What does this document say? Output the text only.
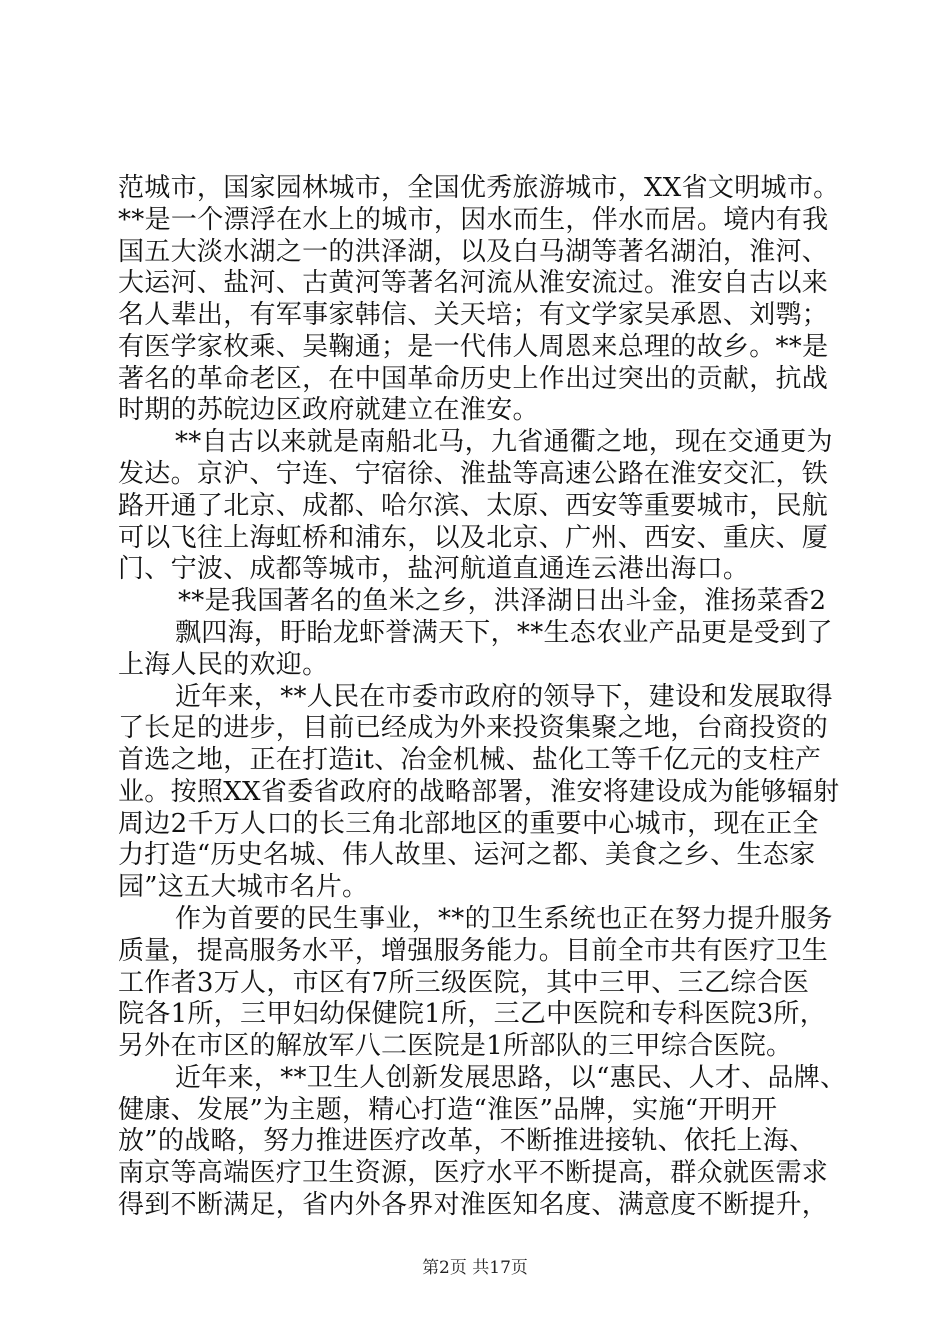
范城市，国家园林城市，全国优秀旅游城市，XX省文明城市。
**是一个漂浮在水上的城市，因水而生，伴水而居。境内有我
国五大淡水湖之一的洪泽湖，以及白马湖等著名湖泊，淮河、
大运河、盐河、古黄河等著名河流从淮安流过。淮安自古以来
名人辈出，有军事家韩信、关天培；有文学家吴承恩、刘鹗；
有医学家枚乘、吴鞠通；是一代伟人周恩来总理的故乡。**是
著名的革命老区，在中国革命历史上作出过突出的贡献，抗战
时期的苏皖边区政府就建立在淮安。
**自古以来就是南船北马，九省通衢之地，现在交通更为
发达。京沪、宁连、宁宿徐、淮盐等高速公路在淮安交汇，铁
路开通了北京、成都、哈尔滨、太原、西安等重要城市，民航
可以飞往上海虹桥和浦东，以及北京、广州、西安、重庆、厦
门、宁波、成都等城市，盐河航道直通连云港出海口。
**是我国著名的鱼米之乡，洪泽湖日出斗金，淮扬菜香2
飘四海，盱眙龙虾誉满天下，**生态农业产品更是受到了
上海人民的欢迎。
近年来，**人民在市委市政府的领导下，建设和发展取得
了长足的进步，目前已经成为外来投资集聚之地，台商投资的
首选之地，正在打造it、冶金机械、盐化工等千亿元的支柱产
业。按照XX省委省政府的战略部署，淮安将建设成为能够辐射
周边2千万人口的长三角北部地区的重要中心城市，现在正全
力打造“历史名城、伟人故里、运河之都、美食之乡、生态家
园”这五大城市名片。
作为首要的民生事业，**的卫生系统也正在努力提升服务
质量，提高服务水平，增强服务能力。目前全市共有医疗卫生
工作者3万人，市区有7所三级医院，其中三甲、三乙综合医
院各1所，三甲妇幼保健院1所，三乙中医院和专科医院3所，
另外在市区的解放军八二医院是1所部队的三甲综合医院。
近年来，**卫生人创新发展思路，以“惠民、人才、品牌、
健康、发展”为主题，精心打造“淮医”品牌，实施“开明开
放”的战略，努力推进医疗改革，不断推进接轨、依托上海、
南京等高端医疗卫生资源，医疗水平不断提高，群众就医需求
得到不断满足，省内外各界对淮医知名度、满意度不断提升，
第2页 共17页
